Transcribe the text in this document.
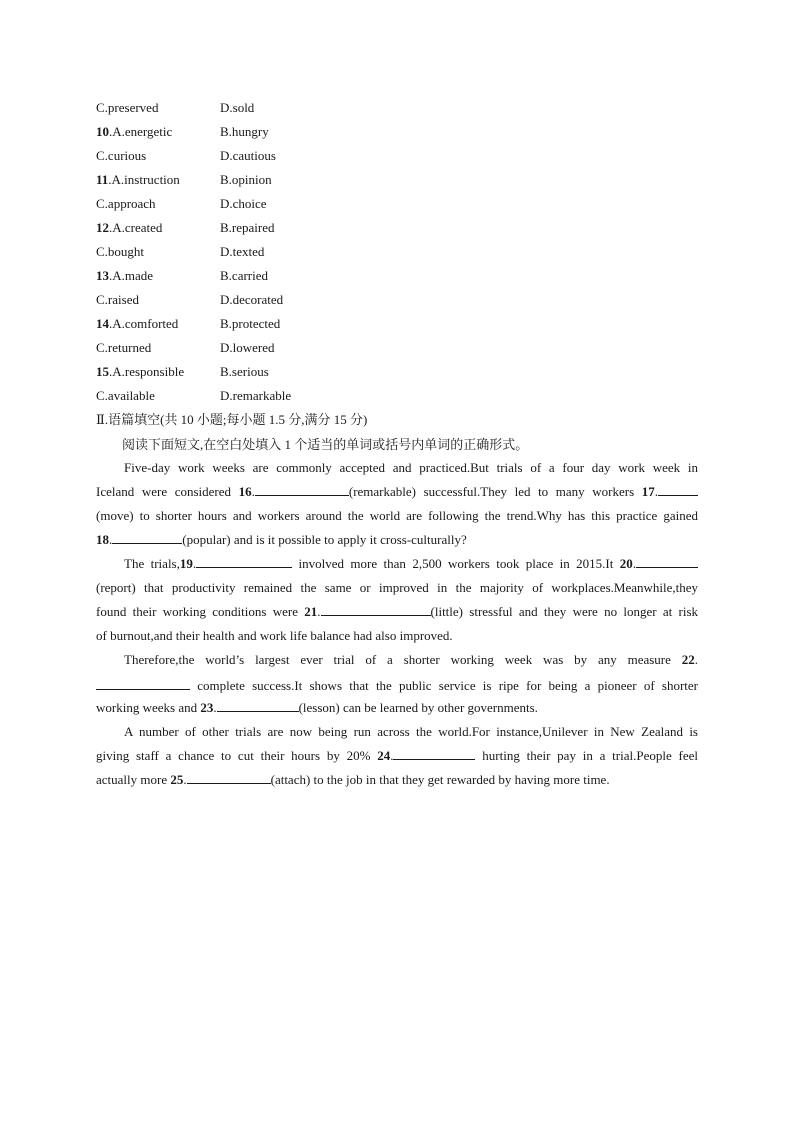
C.preserved	D.sold
10.A.energetic	B.hungry
C.curious	D.cautious
11.A.instruction	B.opinion
C.approach	D.choice
12.A.created	B.repaired
C.bought	D.texted
13.A.made	B.carried
C.raised	D.decorated
14.A.comforted	B.protected
C.returned	D.lowered
15.A.responsible	B.serious
C.available	D.remarkable
Ⅱ.语篇填空(共 10 小题;每小题 1.5 分,满分 15 分)
阅读下面短文,在空白处填入 1 个适当的单词或括号内单词的正确形式。
Five-day work weeks are commonly accepted and practiced.But trials of a four day work week in
Iceland were considered 16.	(remarkable) successful.They led to many workers 17.
(move) to shorter hours and workers around the world are following the trend.Why has this practice gained
18.	(popular) and is it possible to apply it cross-culturally?
The trials,19.	involved more than 2,500 workers took place in 2015.It 20.
(report) that productivity remained the same or improved in the majority of workplaces.Meanwhile,they
found their working conditions were 21.	(little) stressful and they were no longer at risk
of burnout,and their health and work life balance had also improved.
Therefore,the world’s largest ever trial of a shorter working week was by any measure 22.
complete success.It shows that the public service is ripe for being a pioneer of shorter
working weeks and 23.	(lesson) can be learned by other governments.
A number of other trials are now being run across the world.For instance,Unilever in New Zealand is
giving staff a chance to cut their hours by 20% 24.	hurting their pay in a trial.People feel
actually more 25.	(attach) to the job in that they get rewarded by having more time.
